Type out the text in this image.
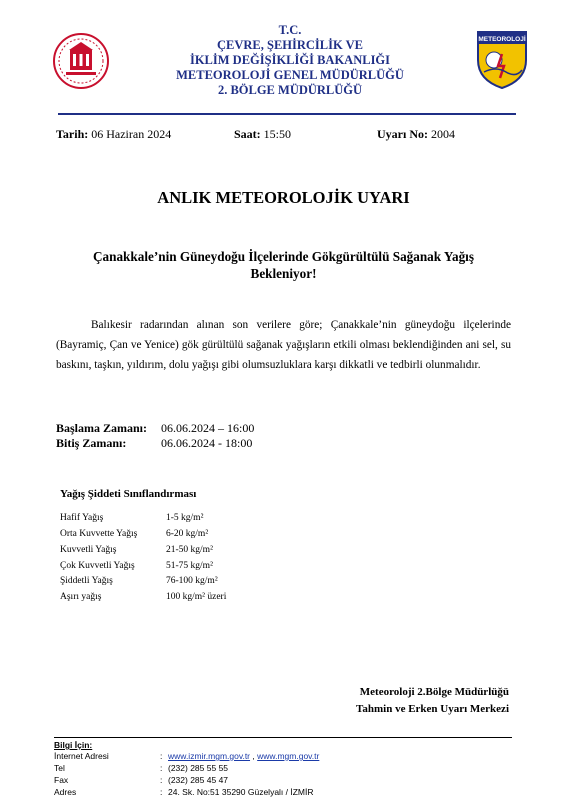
T.C.
ÇEVRE, ŞEHİRCİLİK VE
İKLİM DEĞİŞİKLİĞİ BAKANLIĞI
METEOROLOJİ GENEL MÜDÜRLÜĞÜ
2. BÖLGE MÜDÜRLÜĞÜ
METEOROLOJİ
Tarih: 06 Haziran 2024	Saat: 15:50	Uyarı No: 2004
ANLIK METEOROLOJİK UYARI
Çanakkale’nin Güneydoğu İlçelerinde Gökgürültülü Sağanak Yağış
Bekleniyor!
Balıkesir radarından alınan son verilere göre; Çanakkale’nin güneydoğu ilçelerinde (Bayramiç, Çan ve Yenice) gök gürültülü sağanak yağışların etkili olması beklendiğinden ani sel, su baskını, taşkın, yıldırım, dolu yağışı gibi olumsuzluklara karşı dikkatli ve tedbirli olunmalıdır.
Başlama Zamanı: 06.06.2024 – 16:00
Bitiş Zamanı:	06.06.2024 - 18:00
Yağış Şiddeti Sınıflandırması
Hafif Yağış	1-5 kg/m²
Orta Kuvvette Yağış	6-20 kg/m²
Kuvvetli Yağış	21-50 kg/m²
Çok Kuvvetli Yağış	51-75 kg/m²
Şiddetli Yağış	76-100 kg/m²
Aşırı yağış	100 kg/m² üzeri
Meteoroloji 2.Bölge Müdürlüğü
Tahmin ve Erken Uyarı Merkezi
Bilgi İçin:
İnternet Adresi	: www.izmir.mgm.gov.tr , www.mgm.gov.tr
Tel	: (232) 285 55 55
Fax	: (232) 285 45 47
Adres	: 24. Sk. No:51 35290 Güzelyalı / İZMİR
